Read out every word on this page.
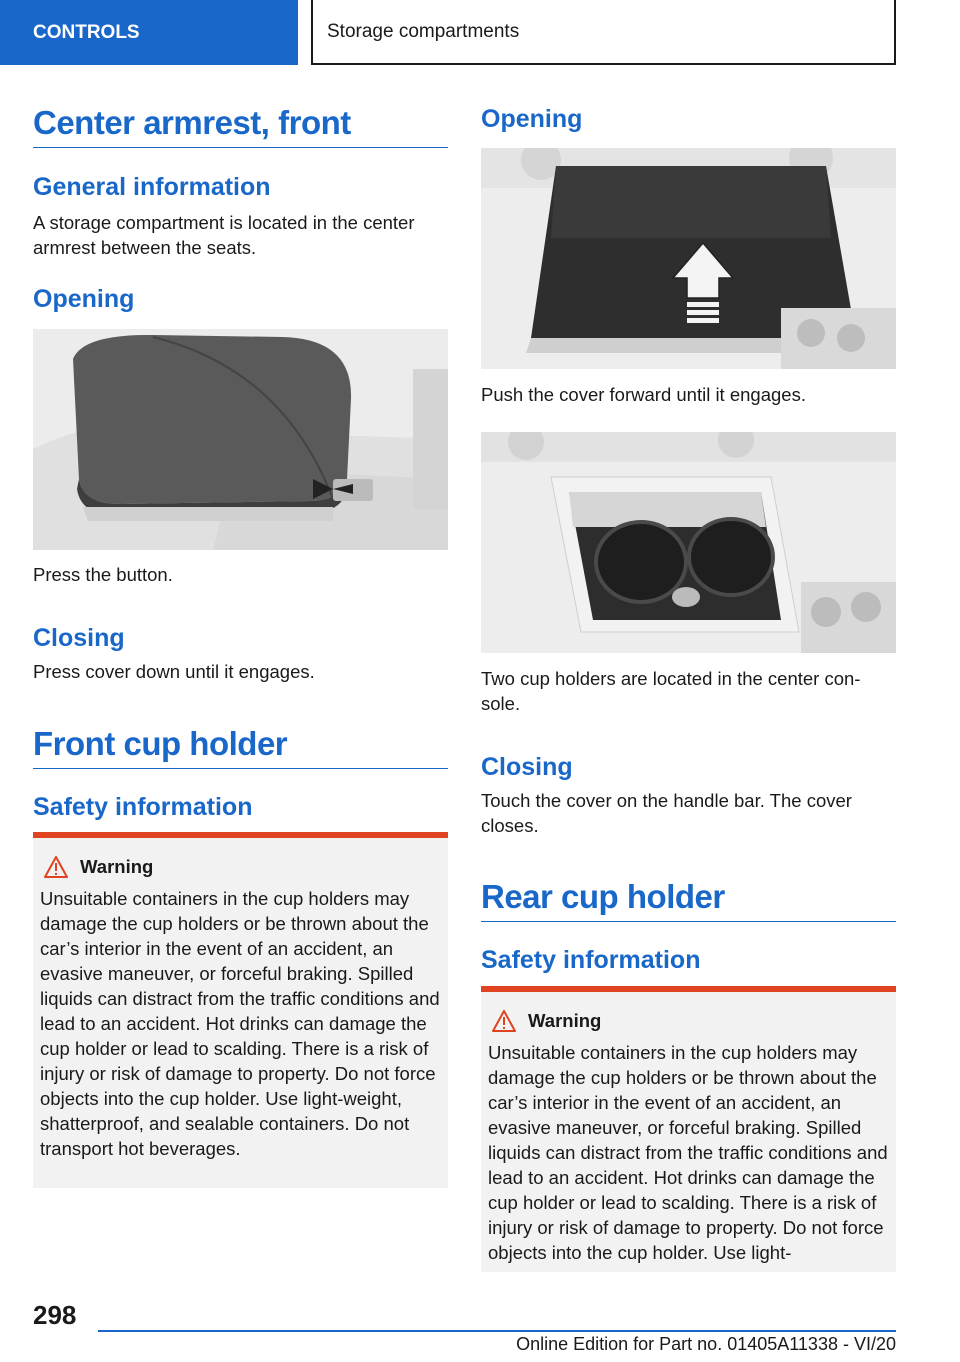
CONTROLS	Storage compartments
Center armrest, front
General information
A storage compartment is located in the center armrest between the seats.
Opening
Press the button.
Closing
Press cover down until it engages.
Front cup holder
Safety information
Warning
Unsuitable containers in the cup holders may damage the cup holders or be thrown about the car’s interior in the event of an accident, an evasive maneuver, or forceful braking. Spilled liquids can distract from the traffic conditions and lead to an accident. Hot drinks can damage the cup holder or lead to scalding. There is a risk of injury or risk of damage to property. Do not force objects into the cup holder. Use light-weight, shatterproof, and sealable containers. Do not transport hot beverages.
Opening
Push the cover forward until it engages.
Two cup holders are located in the center con-sole.
Closing
Touch the cover on the handle bar. The cover closes.
Rear cup holder
Safety information
Warning
Unsuitable containers in the cup holders may damage the cup holders or be thrown about the car’s interior in the event of an accident, an evasive maneuver, or forceful braking. Spilled liquids can distract from the traffic conditions and lead to an accident. Hot drinks can damage the cup holder or lead to scalding. There is a risk of injury or risk of damage to property. Do not force objects into the cup holder. Use light-
298
Online Edition for Part no. 01405A11338 - VI/20
